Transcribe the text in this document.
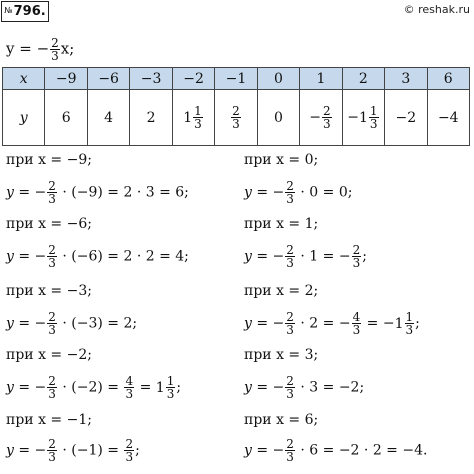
№796.	© reshak.ru
y = − $\frac{2}{3} x$;
x	−9	−6	−3	−2	−1	0	1	2	3	6
y	6	4	2	$1 \frac{1}{3}$	$\frac{2}{3}$	0	− $\frac{2}{3}$	$-1 \frac{1}{3}$	−2	−4
при x = −9;
y = − $\frac{2}{3} \cdot (-9) = 2 \cdot 3 = 6$;
при x = −6;
y = − $\frac{2}{3} \cdot (-6) = 2 \cdot 2 = 4$;
при x = −3;
y = − $\frac{2}{3} \cdot (-3) = 2$;
при x = −2;
y = − $\frac{2}{3} \cdot (-2) = \frac{4}{3} = 1 \frac{1}{3}$ ;
при x = −1;
y = − $\frac{2}{3} \cdot (-1) = \frac{2}{3}$ ;
при x = 0;
y = − $\frac{2}{3} \cdot 0 = 0$;
при x = 1;
y = − $\frac{2}{3} \cdot 1$ = − $\frac{2}{3}$ ;
при x = 2;
y = − $\frac{2}{3} \cdot 2$ = − $\frac{4}{3} = -1 \frac{1}{3}$ ;
при x = 3;
y = − $\frac{2}{3} \cdot 3 = -2$;
при x = 6;
y = − $\frac{2}{3} \cdot 6 = -2 \cdot 2 = -4$.
